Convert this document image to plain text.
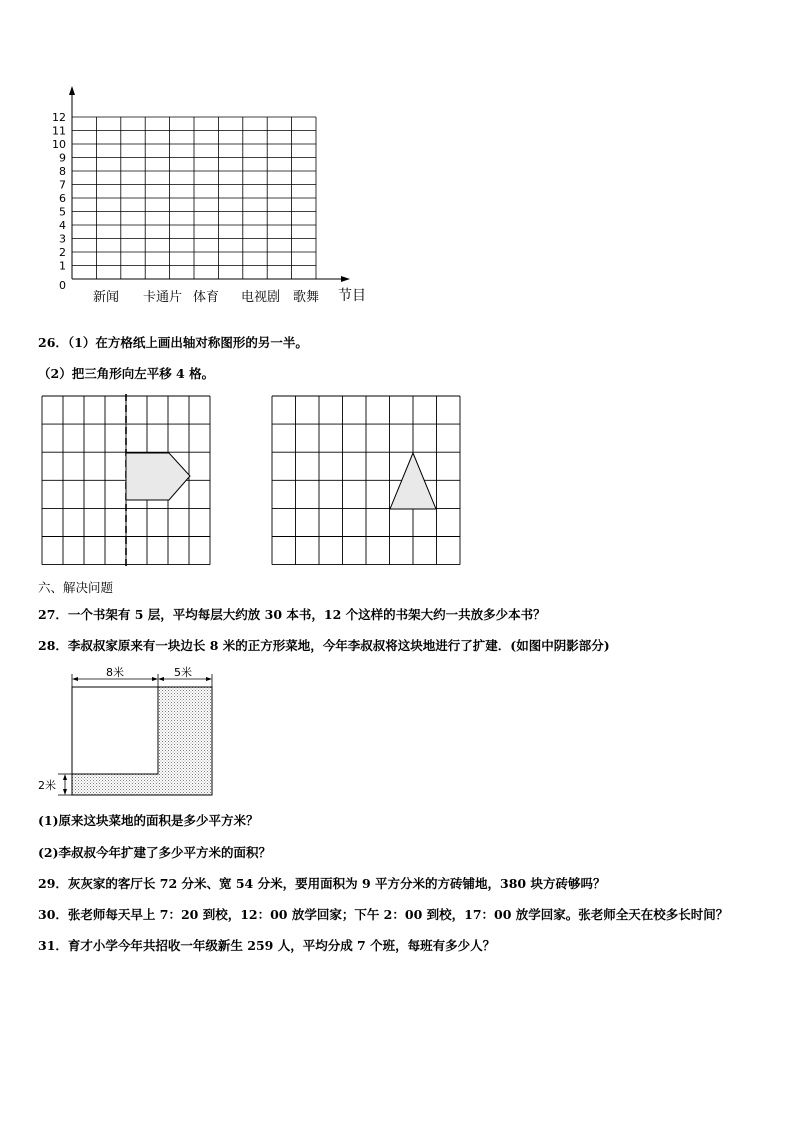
0
1
2
3
4
5
6
7
8
9
10
11
12
新闻 卡通片 体育 电视剧 歌舞 节目
26．（1）在方格纸上画出轴对称图形的另一半。
（2）把三角形向左平移 4 格。
六、解决问题
27．一个书架有 5 层，平均每层大约放 30 本书，12 个这样的书架大约一共放多少本书？
28．李叔叔家原来有一块边长 8 米的正方形菜地，今年李叔叔将这块地进行了扩建．(如图中阴影部分)
8米	5米
2米
(1)原来这块菜地的面积是多少平方米？
(2)李叔叔今年扩建了多少平方米的面积？
29．灰灰家的客厅长 72 分米、宽 54 分米，要用面积为 9 平方分米的方砖铺地，380 块方砖够吗？
30．张老师每天早上 7：20 到校，12：00 放学回家；下午 2：00 到校，17：00 放学回家。张老师全天在校多长时间？
31．育才小学今年共招收一年级新生 259 人，平均分成 7 个班，每班有多少人？
